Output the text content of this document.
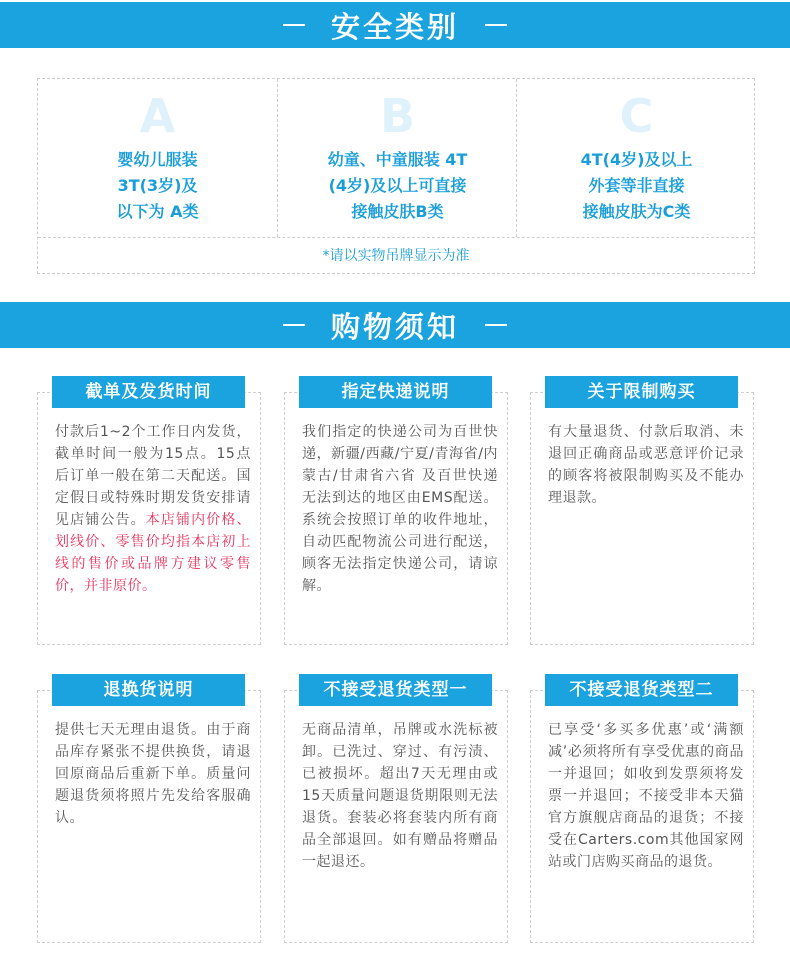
安全类别
A
婴幼儿服装
3T(3岁)及
以下为 A类
B
幼童、中童服装 4T
(4岁)及以上可直接
接触皮肤B类
C
4T(4岁)及以上
外套等非直接
接触皮肤为C类
*请以实物吊牌显示为准
购物须知
截单及发货时间
付款后1~2个工作日内发货，截单时间一般为15点。15点后订单一般在第二天配送。国定假日或特殊时期发货安排请见店铺公告。本店铺内价格、划线价、零售价均指本店初上线的售价或品牌方建议零售价，并非原价。
指定快递说明
我们指定的快递公司为百世快递，新疆/西藏/宁夏/青海省/内蒙古/甘肃省六省 及百世快递无法到达的地区由EMS配送。系统会按照订单的收件地址，自动匹配物流公司进行配送，顾客无法指定快递公司，请谅解。
关于限制购买
有大量退货、付款后取消、未退回正确商品或恶意评价记录的顾客将被限制购买及不能办理退款。
退换货说明
提供七天无理由退货。由于商品库存紧张不提供换货，请退回原商品后重新下单。质量问题退货须将照片先发给客服确认。
不接受退货类型一
无商品清单，吊牌或水洗标被卸。已洗过、穿过、有污渍、已被损坏。超出7天无理由或15天质量问题退货期限则无法退货。套装必将套装内所有商品全部退回。如有赠品将赠品一起退还。
不接受退货类型二
已享受‘多买多优惠’或‘满额减’必须将所有享受优惠的商品一并退回；如收到发票须将发票一并退回；不接受非本天猫官方旗舰店商品的退货；不接受在Carters.com其他国家网站或门店购买商品的退货。
